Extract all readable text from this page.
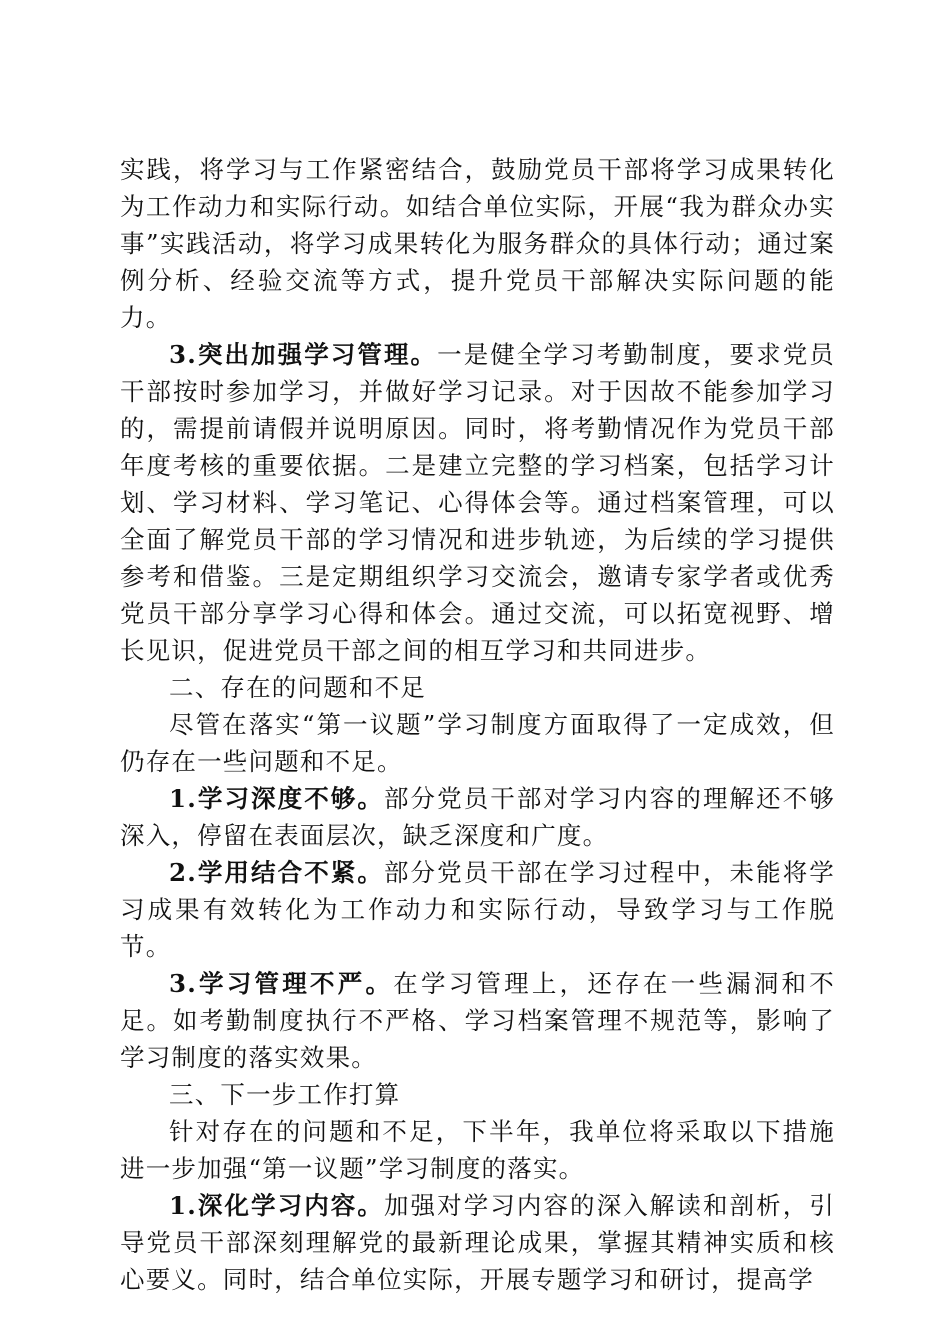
实践，将学习与工作紧密结合，鼓励党员干部将学习成果转化为工作动力和实际行动。如结合单位实际，开展“我为群众办实事”实践活动，将学习成果转化为服务群众的具体行动；通过案例分析、经验交流等方式，提升党员干部解决实际问题的能力。

3.突出加强学习管理。一是健全学习考勤制度，要求党员干部按时参加学习，并做好学习记录。对于因故不能参加学习的，需提前请假并说明原因。同时，将考勤情况作为党员干部年度考核的重要依据。二是建立完整的学习档案，包括学习计划、学习材料、学习笔记、心得体会等。通过档案管理，可以全面了解党员干部的学习情况和进步轨迹，为后续的学习提供参考和借鉴。三是定期组织学习交流会，邀请专家学者或优秀党员干部分享学习心得和体会。通过交流，可以拓宽视野、增长见识，促进党员干部之间的相互学习和共同进步。

二、存在的问题和不足

尽管在落实“第一议题”学习制度方面取得了一定成效，但仍存在一些问题和不足。

1.学习深度不够。部分党员干部对学习内容的理解还不够深入，停留在表面层次，缺乏深度和广度。

2.学用结合不紧。部分党员干部在学习过程中，未能将学习成果有效转化为工作动力和实际行动，导致学习与工作脱节。

3.学习管理不严。在学习管理上，还存在一些漏洞和不足。如考勤制度执行不严格、学习档案管理不规范等，影响了学习制度的落实效果。

三、下一步工作打算

针对存在的问题和不足，下半年，我单位将采取以下措施进一步加强“第一议题”学习制度的落实。

1.深化学习内容。加强对学习内容的深入解读和剖析，引导党员干部深刻理解党的最新理论成果，掌握其精神实质和核心要义。同时，结合单位实际，开展专题学习和研讨，提高学
